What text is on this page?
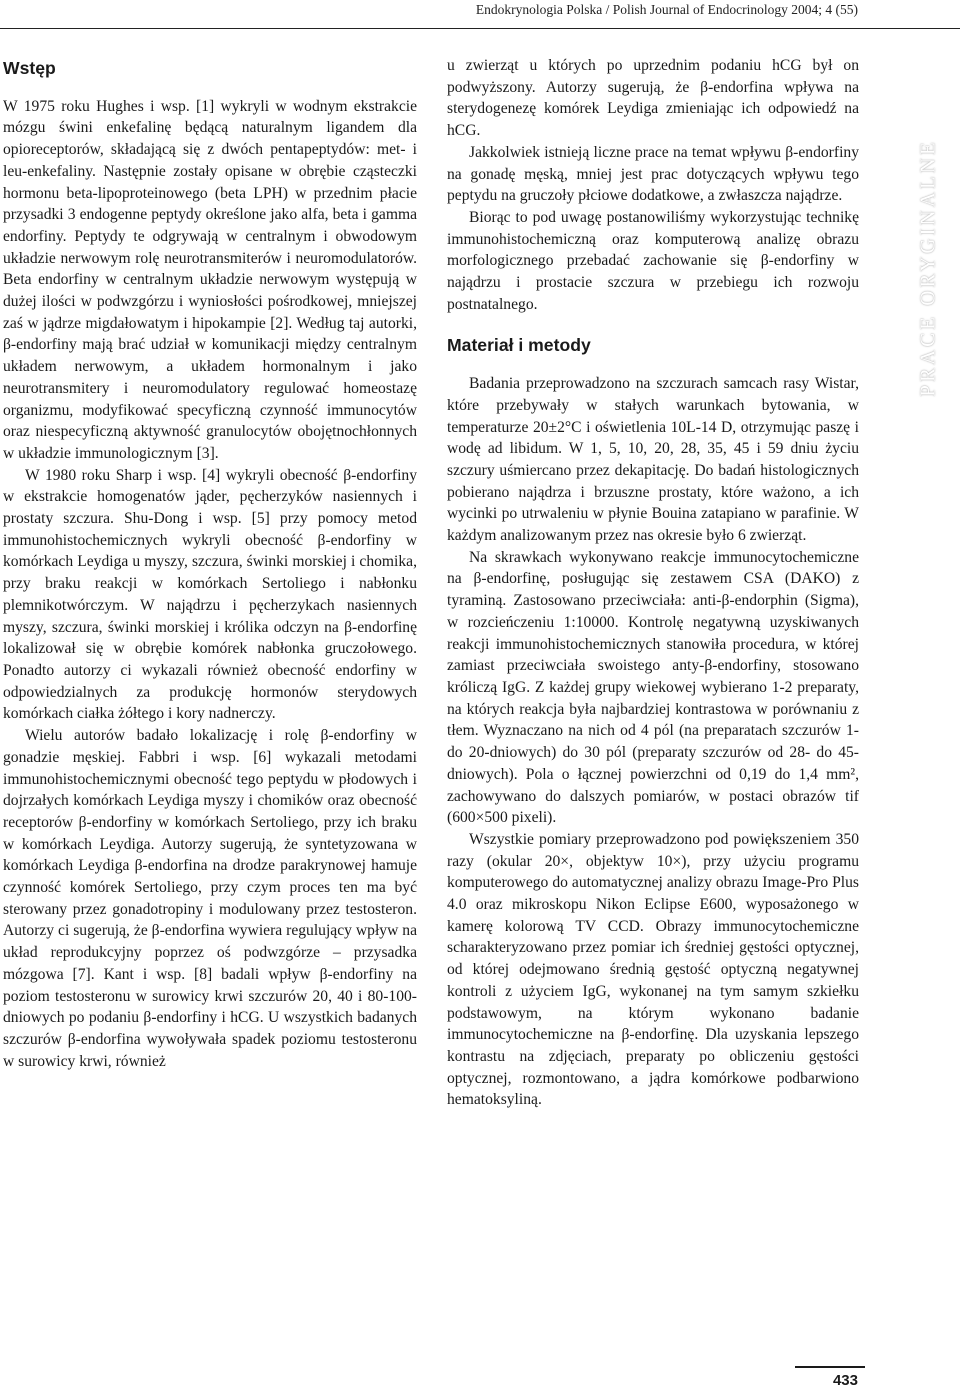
Endokrynologia Polska / Polish Journal of Endocrinology 2004; 4 (55)
Wstęp

W 1975 roku Hughes i wsp. [1] wykryli w wodnym ekstrakcie mózgu świni enkefalinę będącą naturalnym ligandem dla opioreceptorów, składającą się z dwóch pentapeptydów: met- i leu-enkefaliny. Następnie zostały opisane w obrębie cząsteczki hormonu beta-lipoproteinowego (beta LPH) w przednim płacie przysadki 3 endogenne peptydy określone jako alfa, beta i gamma endorfiny. Peptydy te odgrywają w centralnym i obwodowym układzie nerwowym rolę neurotransmiterów i neuromodulatorów. Beta endorfiny w centralnym układzie nerwowym występują w dużej ilości w podwzgórzu i wyniosłości pośrodkowej, mniejszej zaś w jądrze migdałowatym i hipokampie [2]. Według taj autorki, β-endorfiny mają brać udział w komunikacji między centralnym układem nerwowym, a układem hormonalnym i jako neurotransmitery i neuromodulatory regulować homeostazę organizmu, modyfikować specyficzną czynność immunocytów oraz niespecyficzną aktywność granulocytów obojętnochłonnych w układzie immunologicznym [3].

W 1980 roku Sharp i wsp. [4] wykryli obecność β-endorfiny w ekstrakcie homogenatów jąder, pęcherzyków nasiennych i prostaty szczura. Shu-Dong i wsp. [5] przy pomocy metod immunohistochemicznych wykryli obecność β-endorfiny w komórkach Leydiga u myszy, szczura, świnki morskiej i chomika, przy braku reakcji w komórkach Sertoliego i nabłonku plemnikotwórczym. W najądrzu i pęcherzykach nasiennych myszy, szczura, świnki morskiej i królika odczyn na β-endorfinę lokalizował się w obrębie komórek nabłonka gruczołowego. Ponadto autorzy ci wykazali również obecność endorfiny w odpowiedzialnych za produkcję hormonów sterydowych komórkach ciałka żółtego i kory nadnerczy.

Wielu autorów badało lokalizację i rolę β-endorfiny w gonadzie męskiej. Fabbri i wsp. [6] wykazali metodami immunohistochemicznymi obecność tego peptydu w płodowych i dojrzałych komórkach Leydiga myszy i chomików oraz obecność receptorów β-endorfiny w komórkach Sertoliego, przy ich braku w komórkach Leydiga. Autorzy sugerują, że syntetyzowana w komórkach Leydiga β-endorfina na drodze parakrynowej hamuje czynność komórek Sertoliego, przy czym proces ten ma być sterowany przez gonadotropiny i modulowany przez testosteron. Autorzy ci sugerują, że β-endorfina wywiera regulujący wpływ na układ reprodukcyjny poprzez oś podwzgórze – przysadka mózgowa [7]. Kant i wsp. [8] badali wpływ β-endorfiny na poziom testosteronu w surowicy krwi szczurów 20, 40 i 80-100-dniowych po podaniu β-endorfiny i hCG. U wszystkich badanych szczurów β-endorfina wywoływała spadek poziomu testosteronu w surowicy krwi, również

u zwierząt u których po uprzednim podaniu hCG był on podwyższony. Autorzy sugerują, że β-endorfina wpływa na sterydogenezę komórek Leydiga zmieniając ich odpowiedź na hCG.

Jakkolwiek istnieją liczne prace na temat wpływu β-endorfiny na gonadę męską, mniej jest prac dotyczących wpływu tego peptydu na gruczoły płciowe dodatkowe, a zwłaszcza najądrze.

Biorąc to pod uwagę postanowiliśmy wykorzystując technikę immunohistochemiczną oraz komputerową analizę obrazu morfologicznego przebadać zachowanie się β-endorfiny w najądrzu i prostacie szczura w przebiegu ich rozwoju postnatalnego.

Materiał i metody

Badania przeprowadzono na szczurach samcach rasy Wistar, które przebywały w stałych warunkach bytowania, w temperaturze 20±2°C i oświetlenia 10L-14 D, otrzymując paszę i wodę ad libidum. W 1, 5, 10, 20, 28, 35, 45 i 59 dniu życiu szczury uśmiercano przez dekapitację. Do badań histologicznych pobierano najądrza i brzuszne prostaty, które ważono, a ich wycinki po utrwaleniu w płynie Bouina zatapiano w parafinie. W każdym analizowanym przez nas okresie było 6 zwierząt.

Na skrawkach wykonywano reakcje immunocytochemiczne na β-endorfinę, posługując się zestawem CSA (DAKO) z tyraminą. Zastosowano przeciwciała: anti-β-endorphin (Sigma), w rozcieńczeniu 1:10000. Kontrolę negatywną uzyskiwanych reakcji immunohistochemicznych stanowiła procedura, w której zamiast przeciwciała swoistego anty-β-endorfiny, stosowano króliczą IgG. Z każdej grupy wiekowej wybierano 1-2 preparaty, na których reakcja była najbardziej kontrastowa w porównaniu z tłem. Wyznaczano na nich od 4 pól (na preparatach szczurów 1- do 20-dniowych) do 30 pól (preparaty szczurów od 28- do 45-dniowych). Pola o łącznej powierzchni od 0,19 do 1,4 mm², zachowywano do dalszych pomiarów, w postaci obrazów tif (600×500 pixeli).

Wszystkie pomiary przeprowadzono pod powiększeniem 350 razy (okular 20×, objektyw 10×), przy użyciu programu komputerowego do automatycznej analizy obrazu Image-Pro Plus 4.0 oraz mikroskopu Nikon Eclipse E600, wyposażonego w kamerę kolorową TV CCD. Obrazy immunocytochemiczne scharakteryzowano przez pomiar ich średniej gęstości optycznej, od której odejmowano średnią gęstość optyczną negatywnej kontroli z użyciem IgG, wykonanej na tym samym szkiełku podstawowym, na którym wykonano badanie immunocytochemiczne na β-endorfinę. Dla uzyskania lepszego kontrastu na zdjęciach, preparaty po obliczeniu gęstości optycznej, rozmontowano, a jądra komórkowe podbarwiono hematoksyliną.

PRACE ORYGINALNE
433
